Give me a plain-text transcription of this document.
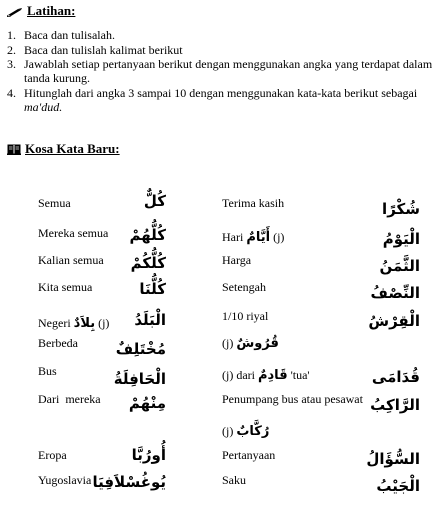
Latihan:
1. Baca dan tulisalah.
2. Baca dan tulislah kalimat berikut
3. Jawablah setiap pertanyaan berikut dengan menggunakan angka yang terdapat dalam tanda kurung.
4. Hitunglah dari angka 3 sampai 10 dengan menggunakan kata-kata berikut sebagai ma'dud.
Kosa Kata Baru:
Semua	كُلٌّ
Mereka semua كُلُّهُمْ
Kalian semua كُلُّكُمْ
Kita semua	كُلُّنَا
Negeri بِلاَدٌ (j) الْبَلَدُ
Berbeda	مُخْتَلِفٌ
Bus	الْحَافِلَةُ
Dari  mereka مِنْهُمْ
Eropa	أُورُبَّا
Yugoslavia يُوغُسْلاَفِيَا
Terima kasih	شُكْرًا
Hari أَيَّامٌ (j)	الْيَوْمُ
Harga	الثَّمَنُ
Setengah	النِّصْفُ
1/10 riyal	الْقِرْشُ
(j) قُرُوشٌ
(j) dari قَادِمٌ 'tua'	قُدَامَى
Penumpang bus atau pesawat الرَّاكِبُ
(j) رُكَّابٌ
Pertanyaan	السُّؤَالُ
Saku	الْجَيْبُ
